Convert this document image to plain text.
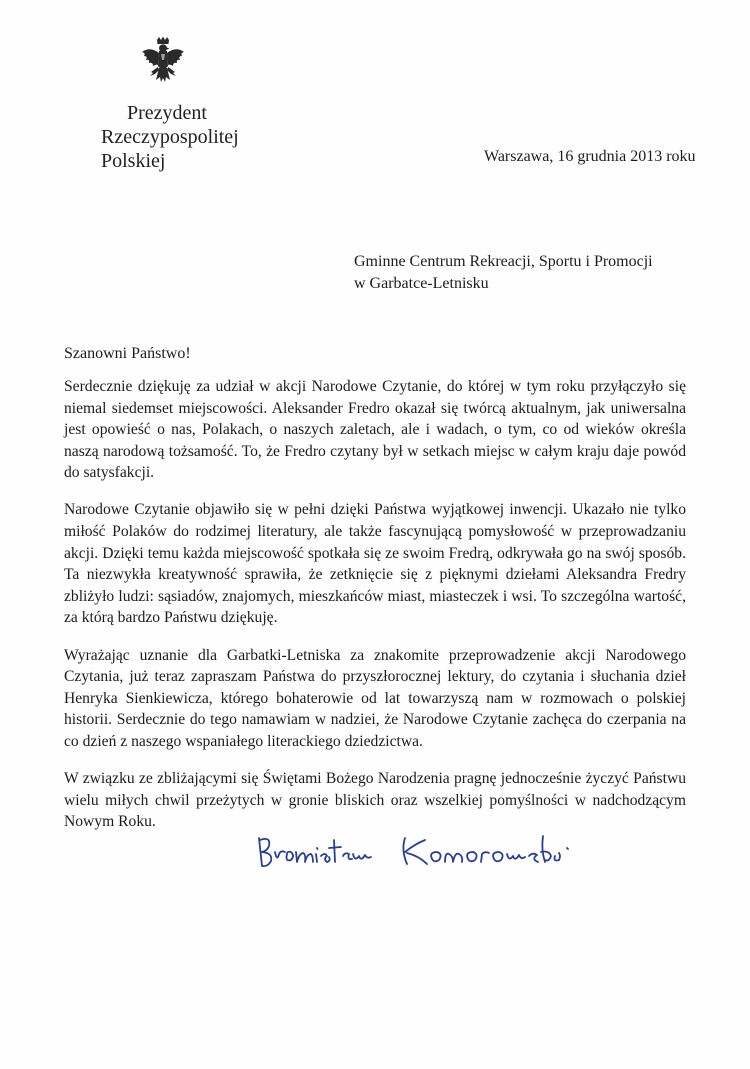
Prezydent
Rzeczypospolitej Polskiej	Warszawa, 16 grudnia 2013 roku
Gminne Centrum Rekreacji, Sportu i Promocji
w Garbatce-Letnisku
Szanowni Państwo!

Serdecznie dziękuję za udział w akcji Narodowe Czytanie, do której w tym roku przyłączyło się niemal siedemset miejscowości. Aleksander Fredro okazał się twórcą aktualnym, jak uniwersalna jest opowieść o nas, Polakach, o naszych zaletach, ale i wadach, o tym, co od wieków określa naszą narodową tożsamość. To, że Fredro czytany był w setkach miejsc w całym kraju daje powód do satysfakcji.

Narodowe Czytanie objawiło się w pełni dzięki Państwa wyjątkowej inwencji. Ukazało nie tylko miłość Polaków do rodzimej literatury, ale także fascynującą pomysłowość w przeprowadzaniu akcji. Dzięki temu każda miejscowość spotkała się ze swoim Fredrą, odkrywała go na swój sposób. Ta niezwykła kreatywność sprawiła, że zetknięcie się z pięknymi dziełami Aleksandra Fredry zbliżyło ludzi: sąsiadów, znajomych, mieszkańców miast, miasteczek i wsi. To szczególna wartość, za którą bardzo Państwu dziękuję.

Wyrażając uznanie dla Garbatki-Letniska za znakomite przeprowadzenie akcji Narodowego Czytania, już teraz zapraszam Państwa do przyszłorocznej lektury, do czytania i słuchania dzieł Henryka Sienkiewicza, którego bohaterowie od lat towarzyszą nam w rozmowach o polskiej historii. Serdecznie do tego namawiam w nadziei, że Narodowe Czytanie zachęca do czerpania na co dzień z naszego wspaniałego literackiego dziedzictwa.

W związku ze zbliżającymi się Świętami Bożego Narodzenia pragnę jednocześnie życzyć Państwu wielu miłych chwil przeżytych w gronie bliskich oraz wszelkiej pomyślności w nadchodzącym Nowym Roku.
